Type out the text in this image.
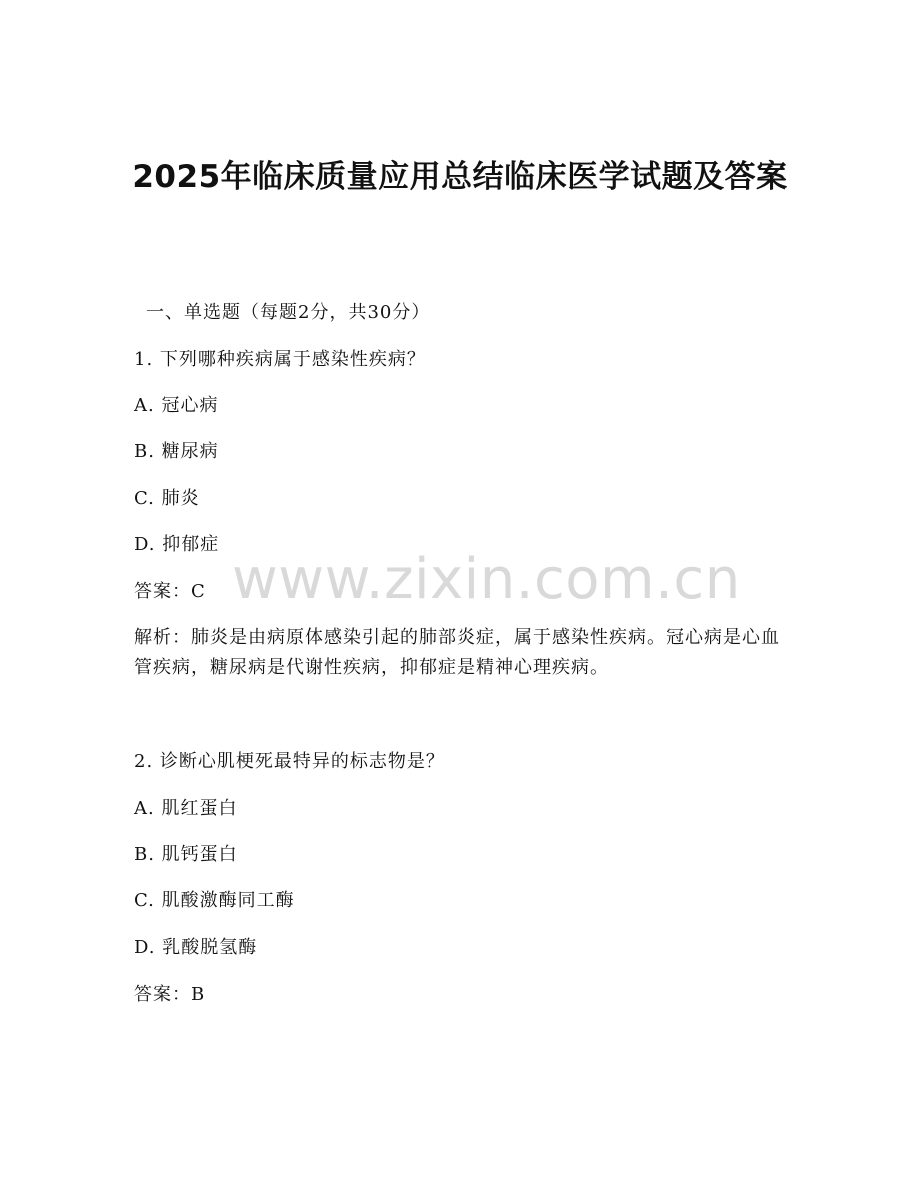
2025年临床质量应用总结临床医学试题及答案
一、单选题（每题2分，共30分）
1. 下列哪种疾病属于感染性疾病？
A. 冠心病
B. 糖尿病
C. 肺炎
D. 抑郁症
答案：C
解析：肺炎是由病原体感染引起的肺部炎症，属于感染性疾病。冠心病是心血管疾病，糖尿病是代谢性疾病，抑郁症是精神心理疾病。
2. 诊断心肌梗死最特异的标志物是？
A. 肌红蛋白
B. 肌钙蛋白
C. 肌酸激酶同工酶
D. 乳酸脱氢酶
答案：B
www.zixin.com.cn
